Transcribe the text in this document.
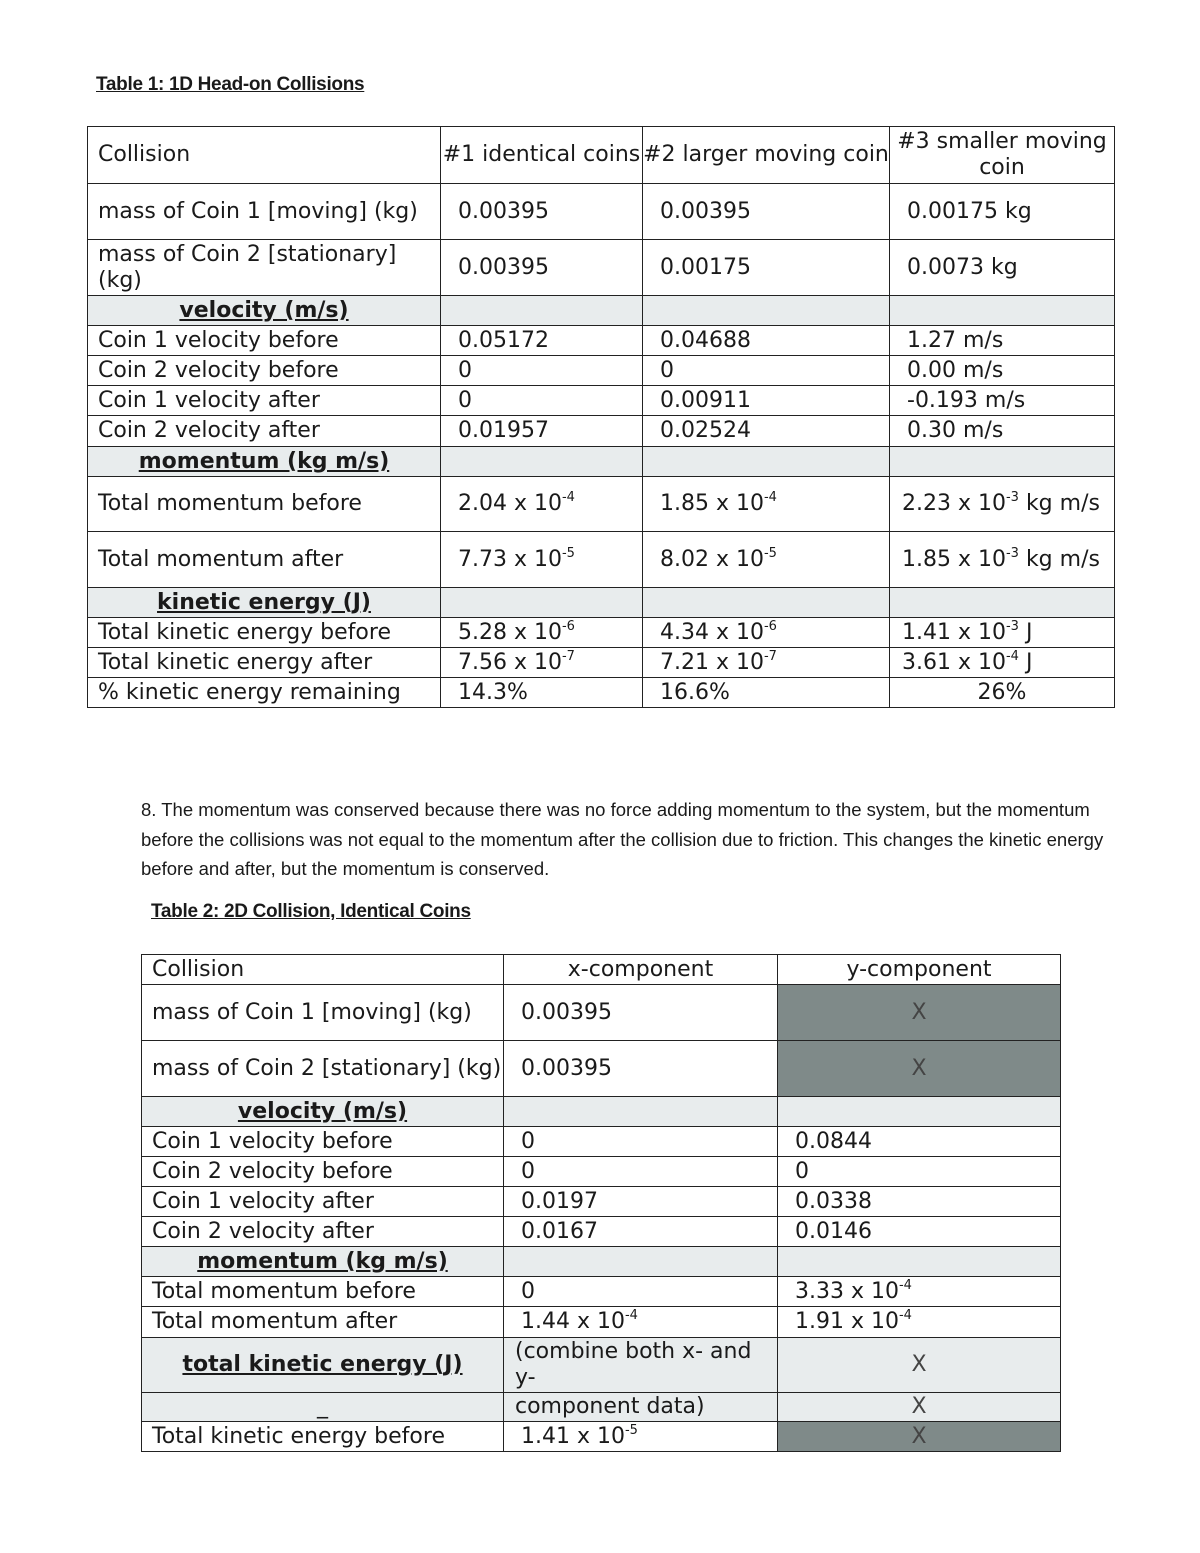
Table 1: 1D Head-on Collisions
Collision	#1 identical coins	#2 larger moving coin	#3 smaller moving coin
mass of Coin 1 [moving] (kg)	0.00395	0.00395	0.00175 kg
mass of Coin 2 [stationary] (kg)	0.00395	0.00175	0.0073 kg
velocity (m/s)			
Coin 1 velocity before	0.05172	0.04688	1.27 m/s
Coin 2 velocity before	0	0	0.00 m/s
Coin 1 velocity after	0	0.00911	-0.193 m/s
Coin 2 velocity after	0.01957	0.02524	0.30 m/s
momentum (kg m/s)			
Total momentum before	2.04 x $10^{-4}$	1.85 x $10^{-4}$	2.23 x $10^{-3}$ kg m/s
Total momentum after	7.73 x $10^{-5}$	8.02 x $10^{-5}$	1.85 x $10^{-3}$ kg m/s
kinetic energy (J)			
Total kinetic energy before	5.28 x $10^{-6}$	4.34 x $10^{-6}$	1.41 x $10^{-3}$ J
Total kinetic energy after	7.56 x $10^{-7}$	7.21 x $10^{-7}$	3.61 x $10^{-4}$ J
% kinetic energy remaining	14.3%	16.6%	26%
8. The momentum was conserved because there was no force adding momentum to the system, but the momentum before the collisions was not equal to the momentum after the collision due to friction. This changes the kinetic energy before and after, but the momentum is conserved.
Table 2: 2D Collision, Identical Coins
Collision	x-component	y-component
mass of Coin 1 [moving] (kg)	0.00395	X
mass of Coin 2 [stationary] (kg)	0.00395	X
velocity (m/s)		
Coin 1 velocity before	0	0.0844
Coin 2 velocity before	0	0
Coin 1 velocity after	0.0197	0.0338
Coin 2 velocity after	0.0167	0.0146
momentum (kg m/s)		
Total momentum before	0	3.33 x $10^{-4}$
Total momentum after	1.44 x $10^{-4}$	1.91 x $10^{-4}$
total kinetic energy (J)	(combine both x- and y-	X
_	component data)	X
Total kinetic energy before	1.41 x $10^{-5}$	X
